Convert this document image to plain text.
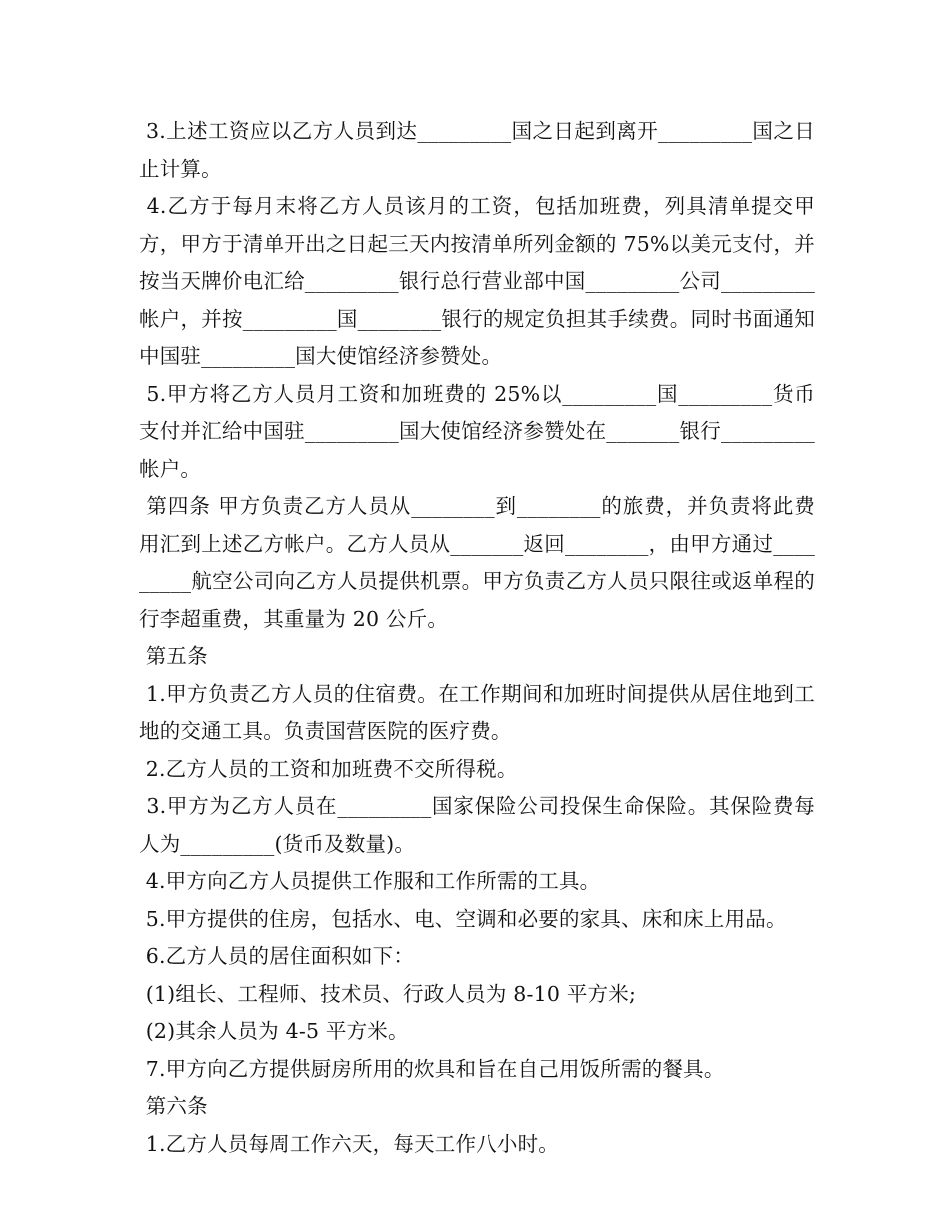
3.上述工资应以乙方人员到达_________国之日起到离开_________国之日止计算。

4.乙方于每月末将乙方人员该月的工资，包括加班费，列具清单提交甲方，甲方于清单开出之日起三天内按清单所列金额的 75%以美元支付，并按当天牌价电汇给_________银行总行营业部中国_________公司_________帐户，并按_________国________银行的规定负担其手续费。同时书面通知中国驻_________国大使馆经济参赞处。

5.甲方将乙方人员月工资和加班费的 25%以_________国_________货币支付并汇给中国驻_________国大使馆经济参赞处在_______银行_________帐户。

第四条 甲方负责乙方人员从________到________的旅费，并负责将此费用汇到上述乙方帐户。乙方人员从_______返回________，由甲方通过_________航空公司向乙方人员提供机票。甲方负责乙方人员只限往或返单程的行李超重费，其重量为 20 公斤。

第五条

1.甲方负责乙方人员的住宿费。在工作期间和加班时间提供从居住地到工地的交通工具。负责国营医院的医疗费。

2.乙方人员的工资和加班费不交所得税。

3.甲方为乙方人员在_________国家保险公司投保生命保险。其保险费每人为_________(货币及数量)。

4.甲方向乙方人员提供工作服和工作所需的工具。

5.甲方提供的住房，包括水、电、空调和必要的家具、床和床上用品。

6.乙方人员的居住面积如下：

(1)组长、工程师、技术员、行政人员为 8-10 平方米;

(2)其余人员为 4-5 平方米。

7.甲方向乙方提供厨房所用的炊具和旨在自己用饭所需的餐具。

第六条

1.乙方人员每周工作六天，每天工作八小时。
